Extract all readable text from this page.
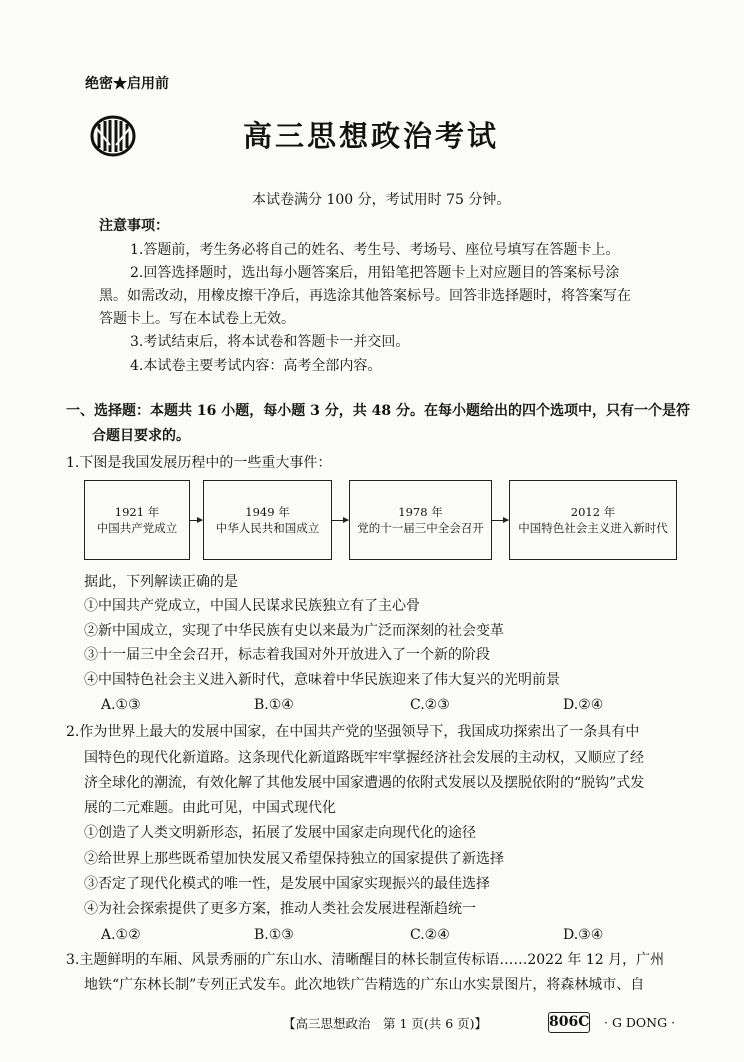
绝密★启用前
高三思想政治考试
本试卷满分 100 分，考试用时 75 分钟。
注意事项：
1.答题前，考生务必将自己的姓名、考生号、考场号、座位号填写在答题卡上。
2.回答选择题时，选出每小题答案后，用铅笔把答题卡上对应题目的答案标号涂
黑。如需改动，用橡皮擦干净后，再选涂其他答案标号。回答非选择题时，将答案写在
答题卡上。写在本试卷上无效。
3.考试结束后，将本试卷和答题卡一并交回。
4.本试卷主要考试内容：高考全部内容。
一、选择题：本题共 16 小题，每小题 3 分，共 48 分。在每小题给出的四个选项中，只有一个是符
合题目要求的。
1.下图是我国发展历程中的一些重大事件：
1921 年
中国共产党成立
1949 年
中华人民共和国成立
1978 年
党的十一届三中全会召开
2012 年
中国特色社会主义进入新时代
据此，下列解读正确的是
①中国共产党成立，中国人民谋求民族独立有了主心骨
②新中国成立，实现了中华民族有史以来最为广泛而深刻的社会变革
③十一届三中全会召开，标志着我国对外开放进入了一个新的阶段
④中国特色社会主义进入新时代，意味着中华民族迎来了伟大复兴的光明前景
A.①③	B.①④	C.②③	D.②④
2.作为世界上最大的发展中国家，在中国共产党的坚强领导下，我国成功探索出了一条具有中
国特色的现代化新道路。这条现代化新道路既牢牢掌握经济社会发展的主动权，又顺应了经
济全球化的潮流，有效化解了其他发展中国家遭遇的依附式发展以及摆脱依附的“脱钩”式发
展的二元难题。由此可见，中国式现代化
①创造了人类文明新形态，拓展了发展中国家走向现代化的途径
②给世界上那些既希望加快发展又希望保持独立的国家提供了新选择
③否定了现代化模式的唯一性，是发展中国家实现振兴的最佳选择
④为社会探索提供了更多方案，推动人类社会发展进程渐趋统一
A.①②	B.①③	C.②④	D.③④
3.主题鲜明的车厢、风景秀丽的广东山水、清晰醒目的林长制宣传标语……2022 年 12 月，广州
地铁“广东林长制”专列正式发车。此次地铁广告精选的广东山水实景图片，将森林城市、自
【高三思想政治　第 1 页(共 6 页)】	806C · G DONG ·
